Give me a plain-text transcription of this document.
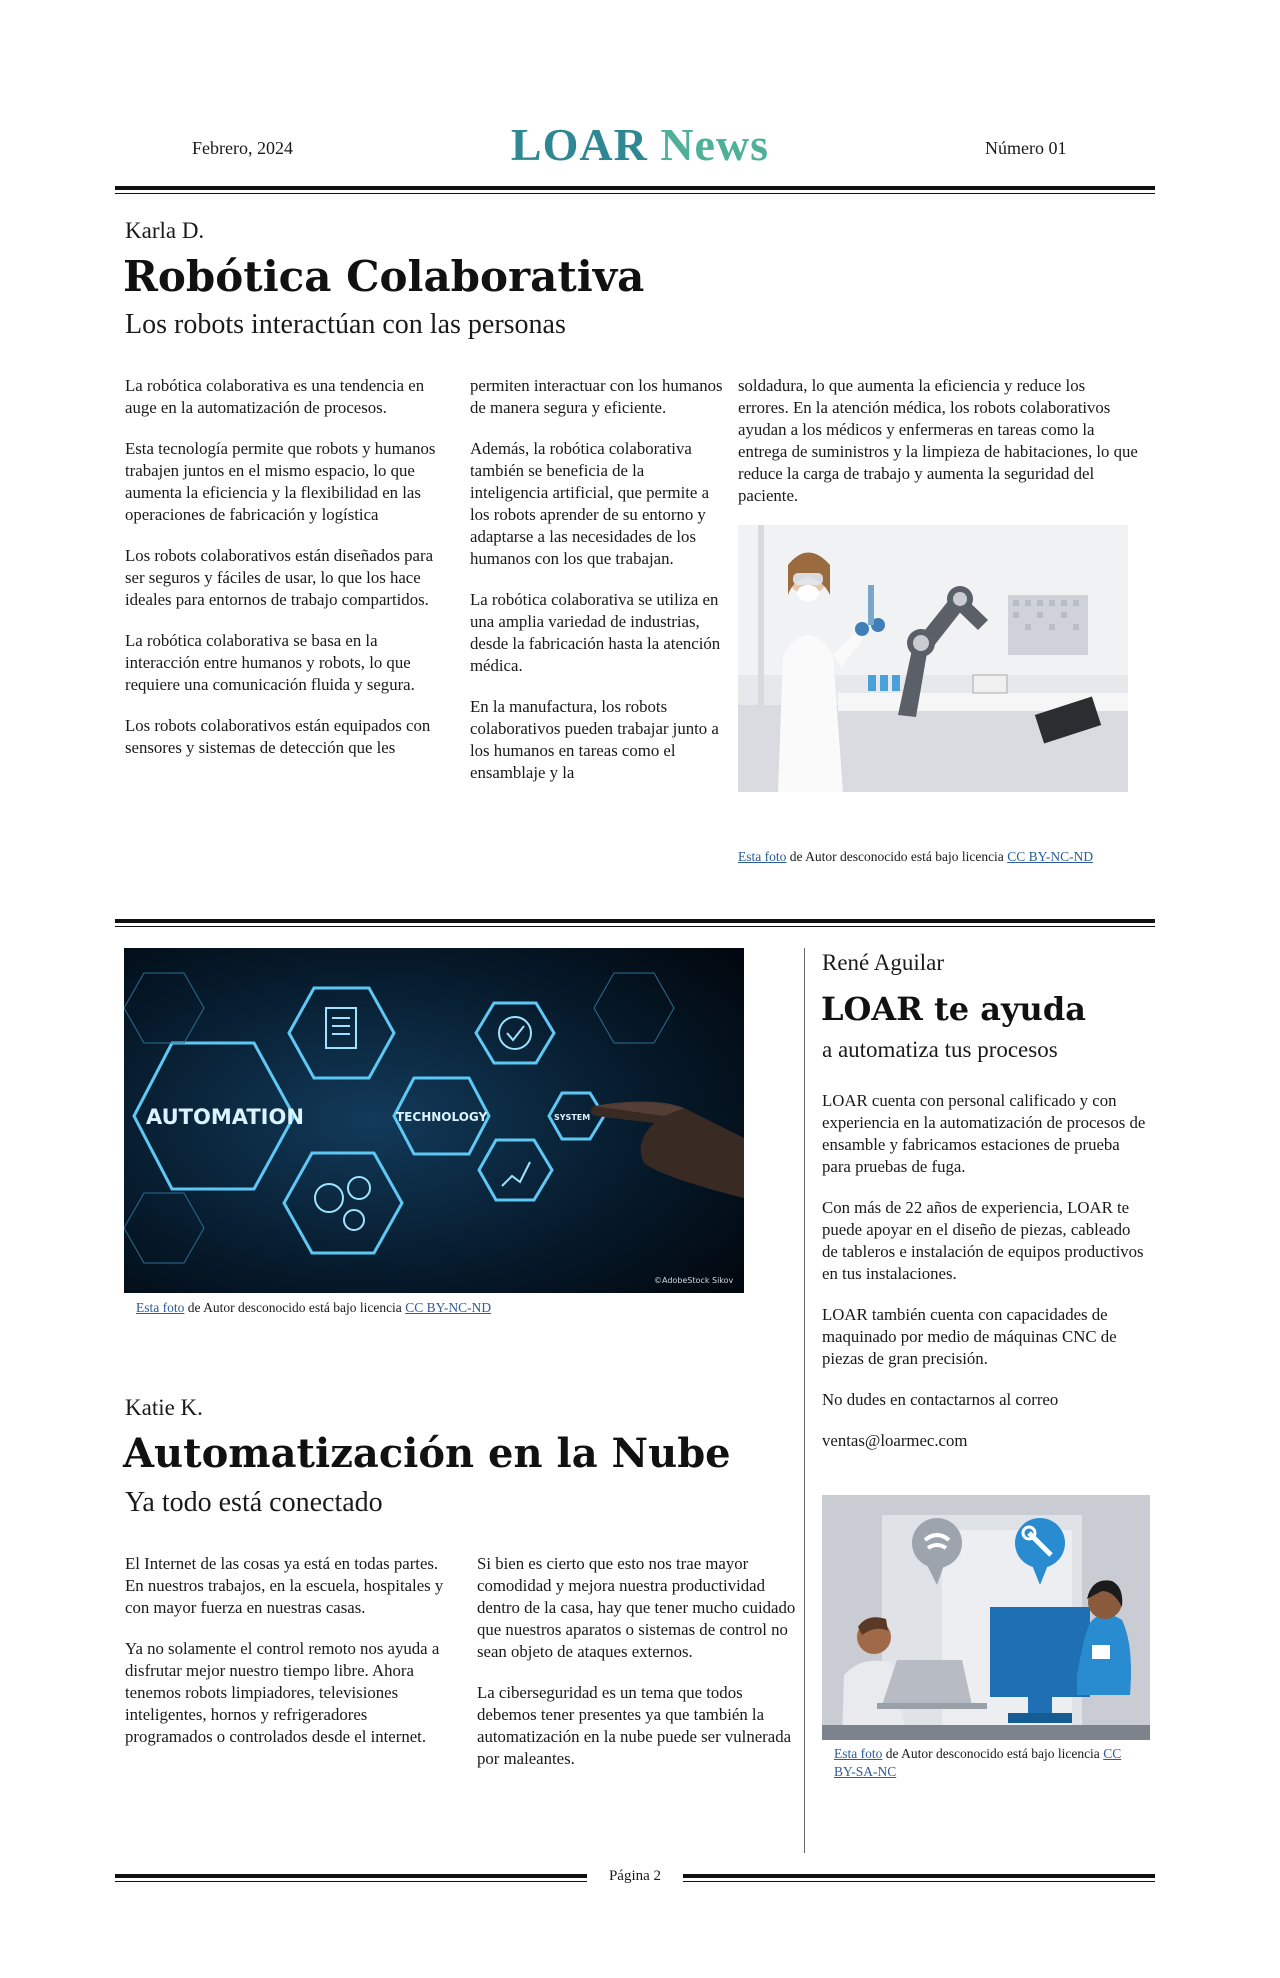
Febrero, 2024	LOAR News	Número 01
Karla D.
Robótica Colaborativa
Los robots interactúan con las personas

La robótica colaborativa es una tendencia en auge en la automatización de procesos.

Esta tecnología permite que robots y humanos trabajen juntos en el mismo espacio, lo que aumenta la eficiencia y la flexibilidad en las operaciones de fabricación y logística

Los robots colaborativos están diseñados para ser seguros y fáciles de usar, lo que los hace ideales para entornos de trabajo compartidos.

La robótica colaborativa se basa en la interacción entre humanos y robots, lo que requiere una comunicación fluida y segura.

Los robots colaborativos están equipados con sensores y sistemas de detección que les

permiten interactuar con los humanos de manera segura y eficiente.

Además, la robótica colaborativa también se beneficia de la inteligencia artificial, que permite a los robots aprender de su entorno y adaptarse a las necesidades de los humanos con los que trabajan.

La robótica colaborativa se utiliza en una amplia variedad de industrias, desde la fabricación hasta la atención médica.

En la manufactura, los robots colaborativos pueden trabajar junto a los humanos en tareas como el ensamblaje y la

soldadura, lo que aumenta la eficiencia y reduce los errores. En la atención médica, los robots colaborativos ayudan a los médicos y enfermeras en tareas como la entrega de suministros y la limpieza de habitaciones, lo que reduce la carga de trabajo y aumenta la seguridad del paciente.

Esta foto de Autor desconocido está bajo licencia CC BY-NC-ND
AUTOMATION	TECHNOLOGY	SYSTEM
©AdobeStock Sikov
Esta foto de Autor desconocido está bajo licencia CC BY-NC-ND
Katie K.
Automatización en la Nube
Ya todo está conectado

El Internet de las cosas ya está en todas partes. En nuestros trabajos, en la escuela, hospitales y con mayor fuerza en nuestras casas.

Ya no solamente el control remoto nos ayuda a disfrutar mejor nuestro tiempo libre. Ahora tenemos robots limpiadores, televisiones inteligentes, hornos y refrigeradores programados o controlados desde el internet.

Si bien es cierto que esto nos trae mayor comodidad y mejora nuestra productividad dentro de la casa, hay que tener mucho cuidado que nuestros aparatos o sistemas de control no sean objeto de ataques externos.

La ciberseguridad es un tema que todos debemos tener presentes ya que también la automatización en la nube puede ser vulnerada por maleantes.

René Aguilar
LOAR te ayuda
a automatiza tus procesos

LOAR cuenta con personal calificado y con experiencia en la automatización de procesos de ensamble y fabricamos estaciones de prueba para pruebas de fuga.

Con más de 22 años de experiencia, LOAR te puede apoyar en el diseño de piezas, cableado de tableros e instalación de equipos productivos en tus instalaciones.

LOAR también cuenta con capacidades de maquinado por medio de máquinas CNC de piezas de gran precisión.

No dudes en contactarnos al correo

ventas@loarmec.com

Esta foto de Autor desconocido está bajo licencia CC BY-SA-NC
Página 2
